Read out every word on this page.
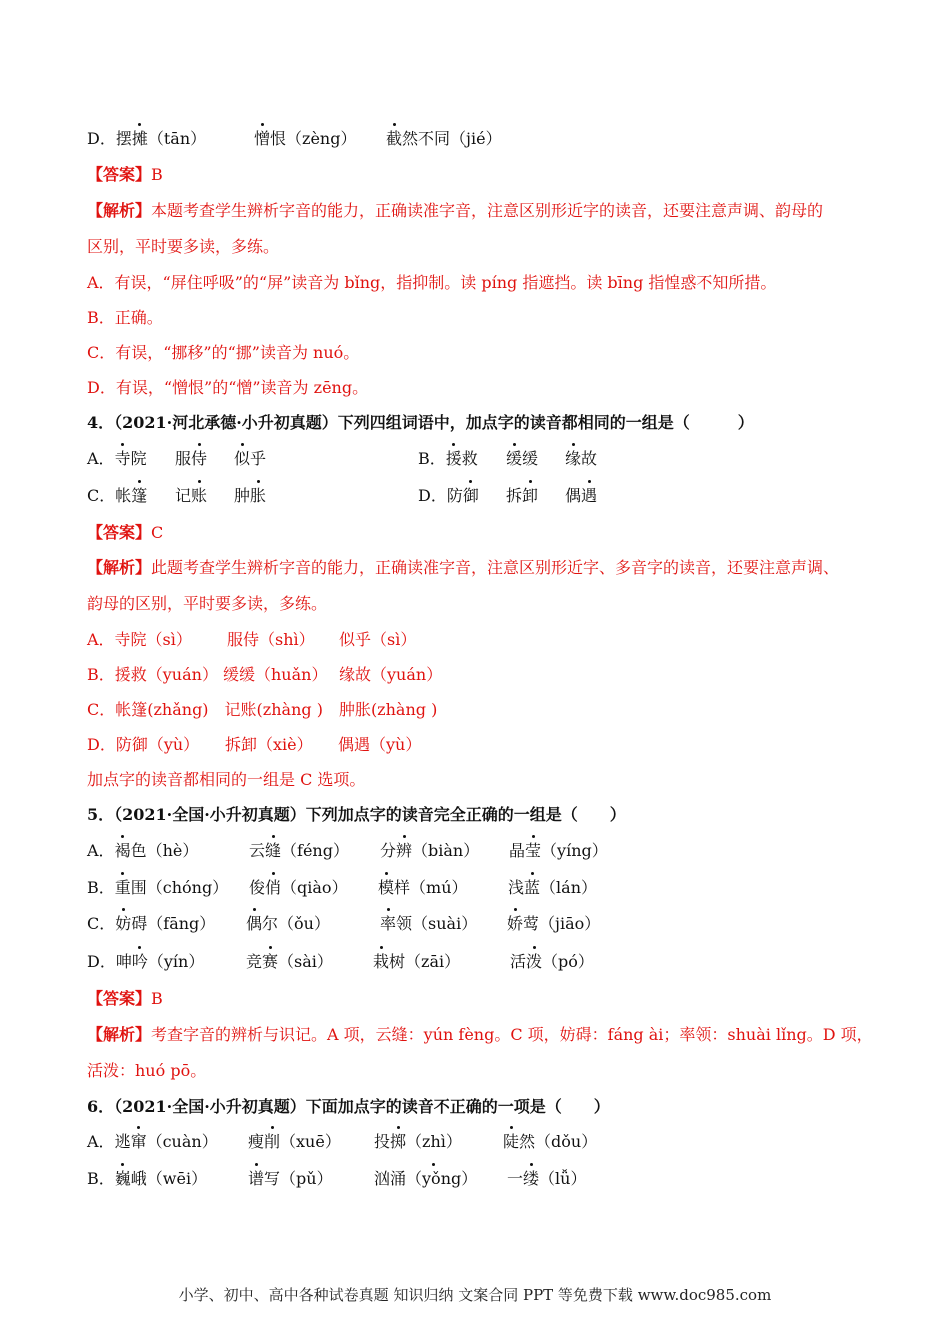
D．摆摊（tān）	憎恨（zèng） 截然不同（jié）
【答案】B
【解析】本题考查学生辨析字音的能力，正确读准字音，注意区别形近字的读音，还要注意声调、韵母的
区别，平时要多读，多练。
A．有误，“屏住呼吸”的“屏”读音为 bǐng，指抑制。读 píng 指遮挡。读 bīng 指惶惑不知所措。
B．正确。
C．有误，“挪移”的“挪”读音为 nuó。
D．有误，“憎恨”的“憎”读音为 zēng。
4．（2021·河北承德·小升初真题）下列四组词语中，加点字的读音都相同的一组是（　　　）
A．寺院 服侍 似乎	B．援救 缓缓 缘故
C．帐篷 记账 肿胀	D．防御 拆卸 偶遇
【答案】C
【解析】此题考查学生辨析字音的能力，正确读准字音，注意区别形近字、多音字的读音，还要注意声调、
韵母的区别，平时要多读，多练。
A．寺院（sì） 服侍（shì） 似乎（sì）
B．援救（yuán） 缓缓（huǎn） 缘故（yuán）
C．帐篷(zhǎng)　记账(zhàng )　肿胀(zhàng )
D．防御（yù） 拆卸（xiè） 偶遇（yù）
加点字的读音都相同的一组是 C 选项。
5．（2021·全国·小升初真题）下列加点字的读音完全正确的一组是（　　）
A．褐色（hè）	云缝（féng） 分辨（biàn） 晶莹（yíng）
B．重围（chóng） 俊俏（qiào） 模样（mú）	浅蓝（lán）
C．妨碍（fāng） 偶尔（ǒu）	率领（suài） 娇莺（jiāo）
D．呻吟（yín）	竞赛（sài）	栽树（zāi）	活泼（pó）
【答案】B
【解析】考查字音的辨析与识记。A 项，云缝：yún fèng。C 项，妨碍：fáng ài；率领：shuài lǐng。D 项，
活泼：huó pō。
6．（2021·全国·小升初真题）下面加点字的读音不正确的一项是（　　）
A．逃窜（cuàn） 瘦削（xuē） 投掷（zhì）	陡然（dǒu）
B．巍峨（wēi）	谱写（pǔ）	汹涌（yǒng） 一缕（lǚ）
小学、初中、高中各种试卷真题 知识归纳 文案合同 PPT 等免费下载 www.doc985.com
